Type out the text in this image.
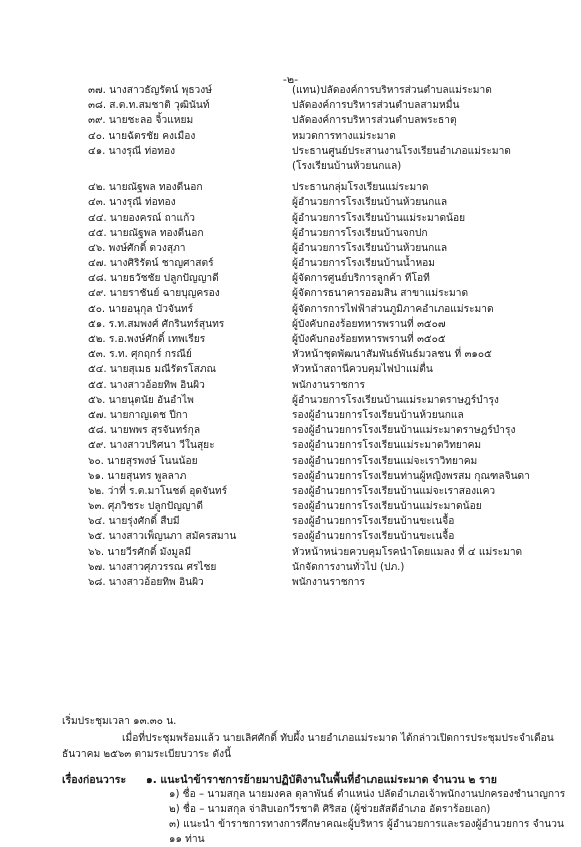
-๒-
๓๗. นางสาวธัญรัตน์ พุธวงษ์	(แทน)ปลัดองค์การบริหารส่วนตำบลแม่ระมาด
๓๘. ส.ต.ท.สมชาติ วุฒินันท์	ปลัดองค์การบริหารส่วนตำบลสามหมื่น
๓๙. นายชะลอ จิ้วแหยม	ปลัดองค์การบริหารส่วนตำบลพระธาตุ
๔๐. นายฉัตรชัย คงเมือง	หมวดการทางแม่ระมาด
๔๑. นางรุณี ท่อทอง	ประธานศูนย์ประสานงานโรงเรียนอำเภอแม่ระมาด
(โรงเรียนบ้านห้วยนกแล)
๔๒. นายณัฐพล ทองดีนอก	ประธานกลุ่มโรงเรียนแม่ระมาด
๔๓. นางรุณี ท่อทอง	ผู้อำนวยการโรงเรียนบ้านห้วยนกแล
๔๔. นายองครณ์ ถาแก้ว	ผู้อำนวยการโรงเรียนบ้านแม่ระมาดน้อย
๔๕. นายณัฐพล ทองดีนอก	ผู้อำนวยการโรงเรียนบ้านจกปก
๔๖. พงษ์ศักดิ์ ดวงสุภา	ผู้อำนวยการโรงเรียนบ้านห้วยนกแล
๔๗. นางศิริรัตน์ ชาญศาสตร์	ผู้อำนวยการโรงเรียนบ้านน้ำหอม
๔๘. นายธวัชชัย ปลูกปัญญาดี	ผู้จัดการศูนย์บริการลูกค้า ทีโอที
๔๙. นายราชันย์ ฉายบุญครอง	ผู้จัดการธนาคารออมสิน สาขาแม่ระมาด
๕๐. นายอนุกุล บัวจันทร์	ผู้จัดการการไฟฟ้าส่วนภูมิภาคอำเภอแม่ระมาด
๕๑. ร.ท.สมพงศ์ ศักรินทร์สุนทร	ผู้บังคับกองร้อยทหารพรานที่ ๓๕๐๗
๕๒. ร.อ.พงษ์ศักดิ์ เทพเรียร	ผู้บังคับกองร้อยทหารพรานที่ ๓๕๐๕
๕๓. ร.ท. ศุกฤกร์ กรณีย์	หัวหน้าชุดพัฒนาสัมพันธ์พันธ์มวลชน ที่ ๓๑๐๕
๕๔. นายสุเมธ มณีรัตรโสภณ	หัวหน้าสถานีควบคุมไฟป่าแม่ตื่น
๕๕. นางสาวอ้อยทิพ อินผิว	พนักงานราชการ
๕๖. นายนุตนัย อันอำไพ	ผู้อำนวยการโรงเรียนบ้านแม่ระมาดราษฎร์บำรุง
๕๗. นายกาญเดช ปีกา	รองผู้อำนวยการโรงเรียนบ้านห้วยนกแล
๕๘. นายพพร สุรจันทร์กุล	รองผู้อำนวยการโรงเรียนบ้านแม่ระมาดราษฎร์บำรุง
๕๙. นางสาวปริศนา วีในสุยะ	รองผู้อำนวยการโรงเรียนแม่ระมาดวิทยาคม
๖๐. นายสุรพงษ์ โนนน้อย	รองผู้อำนวยการโรงเรียนแม่จะเราวิทยาคม
๖๑. นายสุนทร พูลลาภ	รองผู้อำนวยการโรงเรียนท่านผู้หญิงพรสม กุณฑลจินดา
๖๒. ว่าที่ ร.ต.มาโนชต์ อุดจันทร์	รองผู้อำนวยการโรงเรียนบ้านแม่จะเราสองแคว
๖๓. ศุภวิชระ ปลูกปัญญาดี	รองผู้อำนวยการโรงเรียนบ้านแม่ระมาดน้อย
๖๔. นายรุ่งศักดิ์ สืบมี	รองผู้อำนวยการโรงเรียนบ้านขะเนจื้อ
๖๕. นางสาวเพ็ญนภา สมัครสมาน	รองผู้อำนวยการโรงเรียนบ้านขะเนจื้อ
๖๖. นายวีรศักดิ์ มังมูลมี	หัวหน้าหน่วยควบคุมโรคนำโดยแมลง ที่ ๔ แม่ระมาด
๖๗. นางสาวศุภวรรณ ศรไชย	นักจัดการงานทั่วไป (ปภ.)
๖๘. นางสาวอ้อยทิพ อินผิว	พนักงานราชการ
เริ่มประชุมเวลา ๑๓.๓๐ น.
เมื่อที่ประชุมพร้อมแล้ว นายเลิศศักดิ์ ทับผึ้ง นายอำเภอแม่ระมาด ได้กล่าวเปิดการประชุมประจำเดือน
ธันวาคม ๒๕๖๓ ตามระเบียบวาระ ดังนี้
เรื่องก่อนวาระ ๑. แนะนำข้าราชการย้ายมาปฏิบัติงานในพื้นที่อำเภอแม่ระมาด จำนวน ๒ ราย
๑) ชื่อ – นามสกุล นายมงคล ดุลาพันธ์ ตำแหน่ง ปลัดอำเภอเจ้าพนักงานปกครองชำนาญการ
๒) ชื่อ – นามสกุล จ่าสิบเอกวีรชาติ ศิริสอ (ผู้ช่วยสัสดีอำเภอ อัตราร้อยเอก)
๓) แนะนำ ข้าราชการทางการศึกษาคณะผู้บริหาร ผู้อำนวยการและรองผู้อำนวยการ จำนวน
๑๑ ท่าน
